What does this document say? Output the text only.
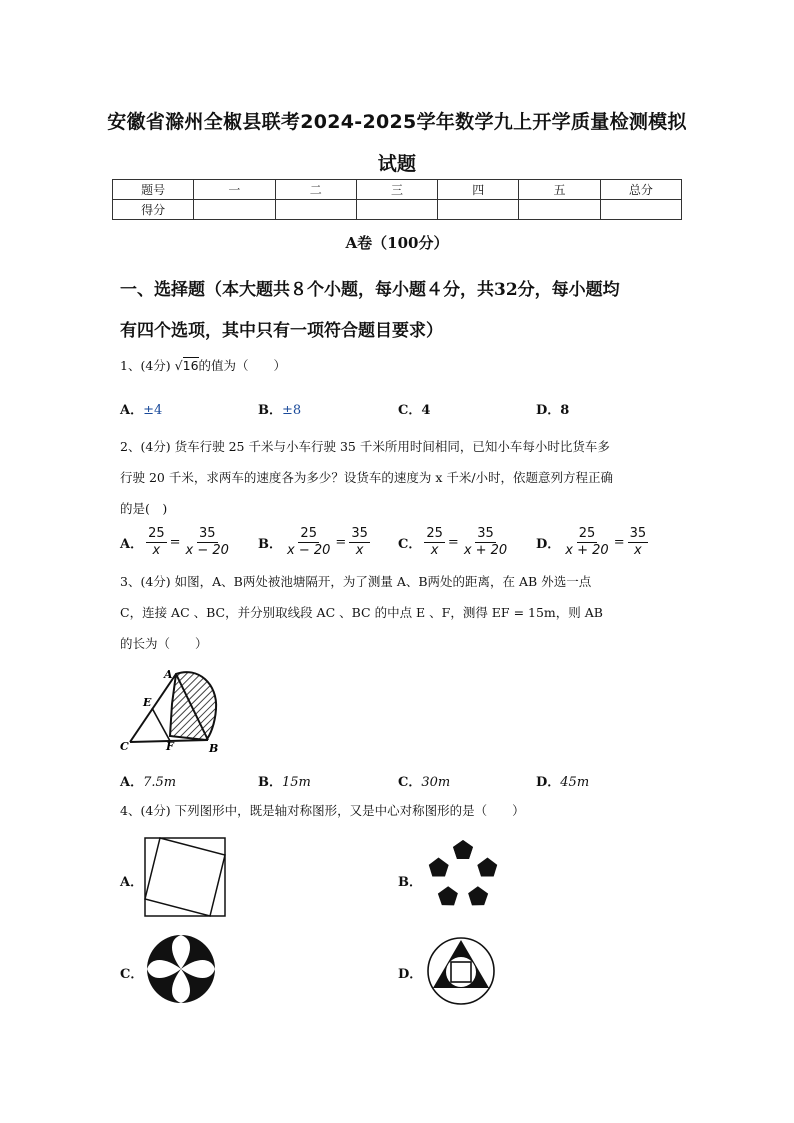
安徽省滁州全椒县联考2024-2025学年数学九上开学质量检测模拟
试题
题号	一	二	三	四	五	总分
得分						
A卷（100分）
一、选择题（本大题共８个小题，每小题４分，共32分，每小题均
有四个选项，其中只有一项符合题目要求）
1、(4分) √16的值为（　　）
A．±4	B．±8	C．4	D．8
2、(4分) 货车行驶 25 千米与小车行驶 35 千米所用时间相同，已知小车每小时比货车多
行驶 20 千米，求两车的速度各为多少？设货车的速度为 x 千米/小时，依题意列方程正确
的是(　)
A． $\frac{25}{x} = \frac{35}{x - 20}$ B． $\frac{25}{x - 20} = \frac{35}{x}$ C． $\frac{25}{x} = \frac{35}{x + 20}$ D． $\frac{25}{x + 20} = \frac{35}{x}$
3、(4分) 如图，A、B两处被池塘隔开，为了测量 A、B两处的距离，在 AB 外选一点
C，连接 AC 、BC，并分别取线段 AC 、BC 的中点 E 、F，测得 EF = 15m，则 AB
的长为（　　）
A
E
C	F	B
A．7.5m	B．15m	C．30m	D．45m
4、(4分) 下列图形中，既是轴对称图形，又是中心对称图形的是（　　）
A．	B．
C．	D．
